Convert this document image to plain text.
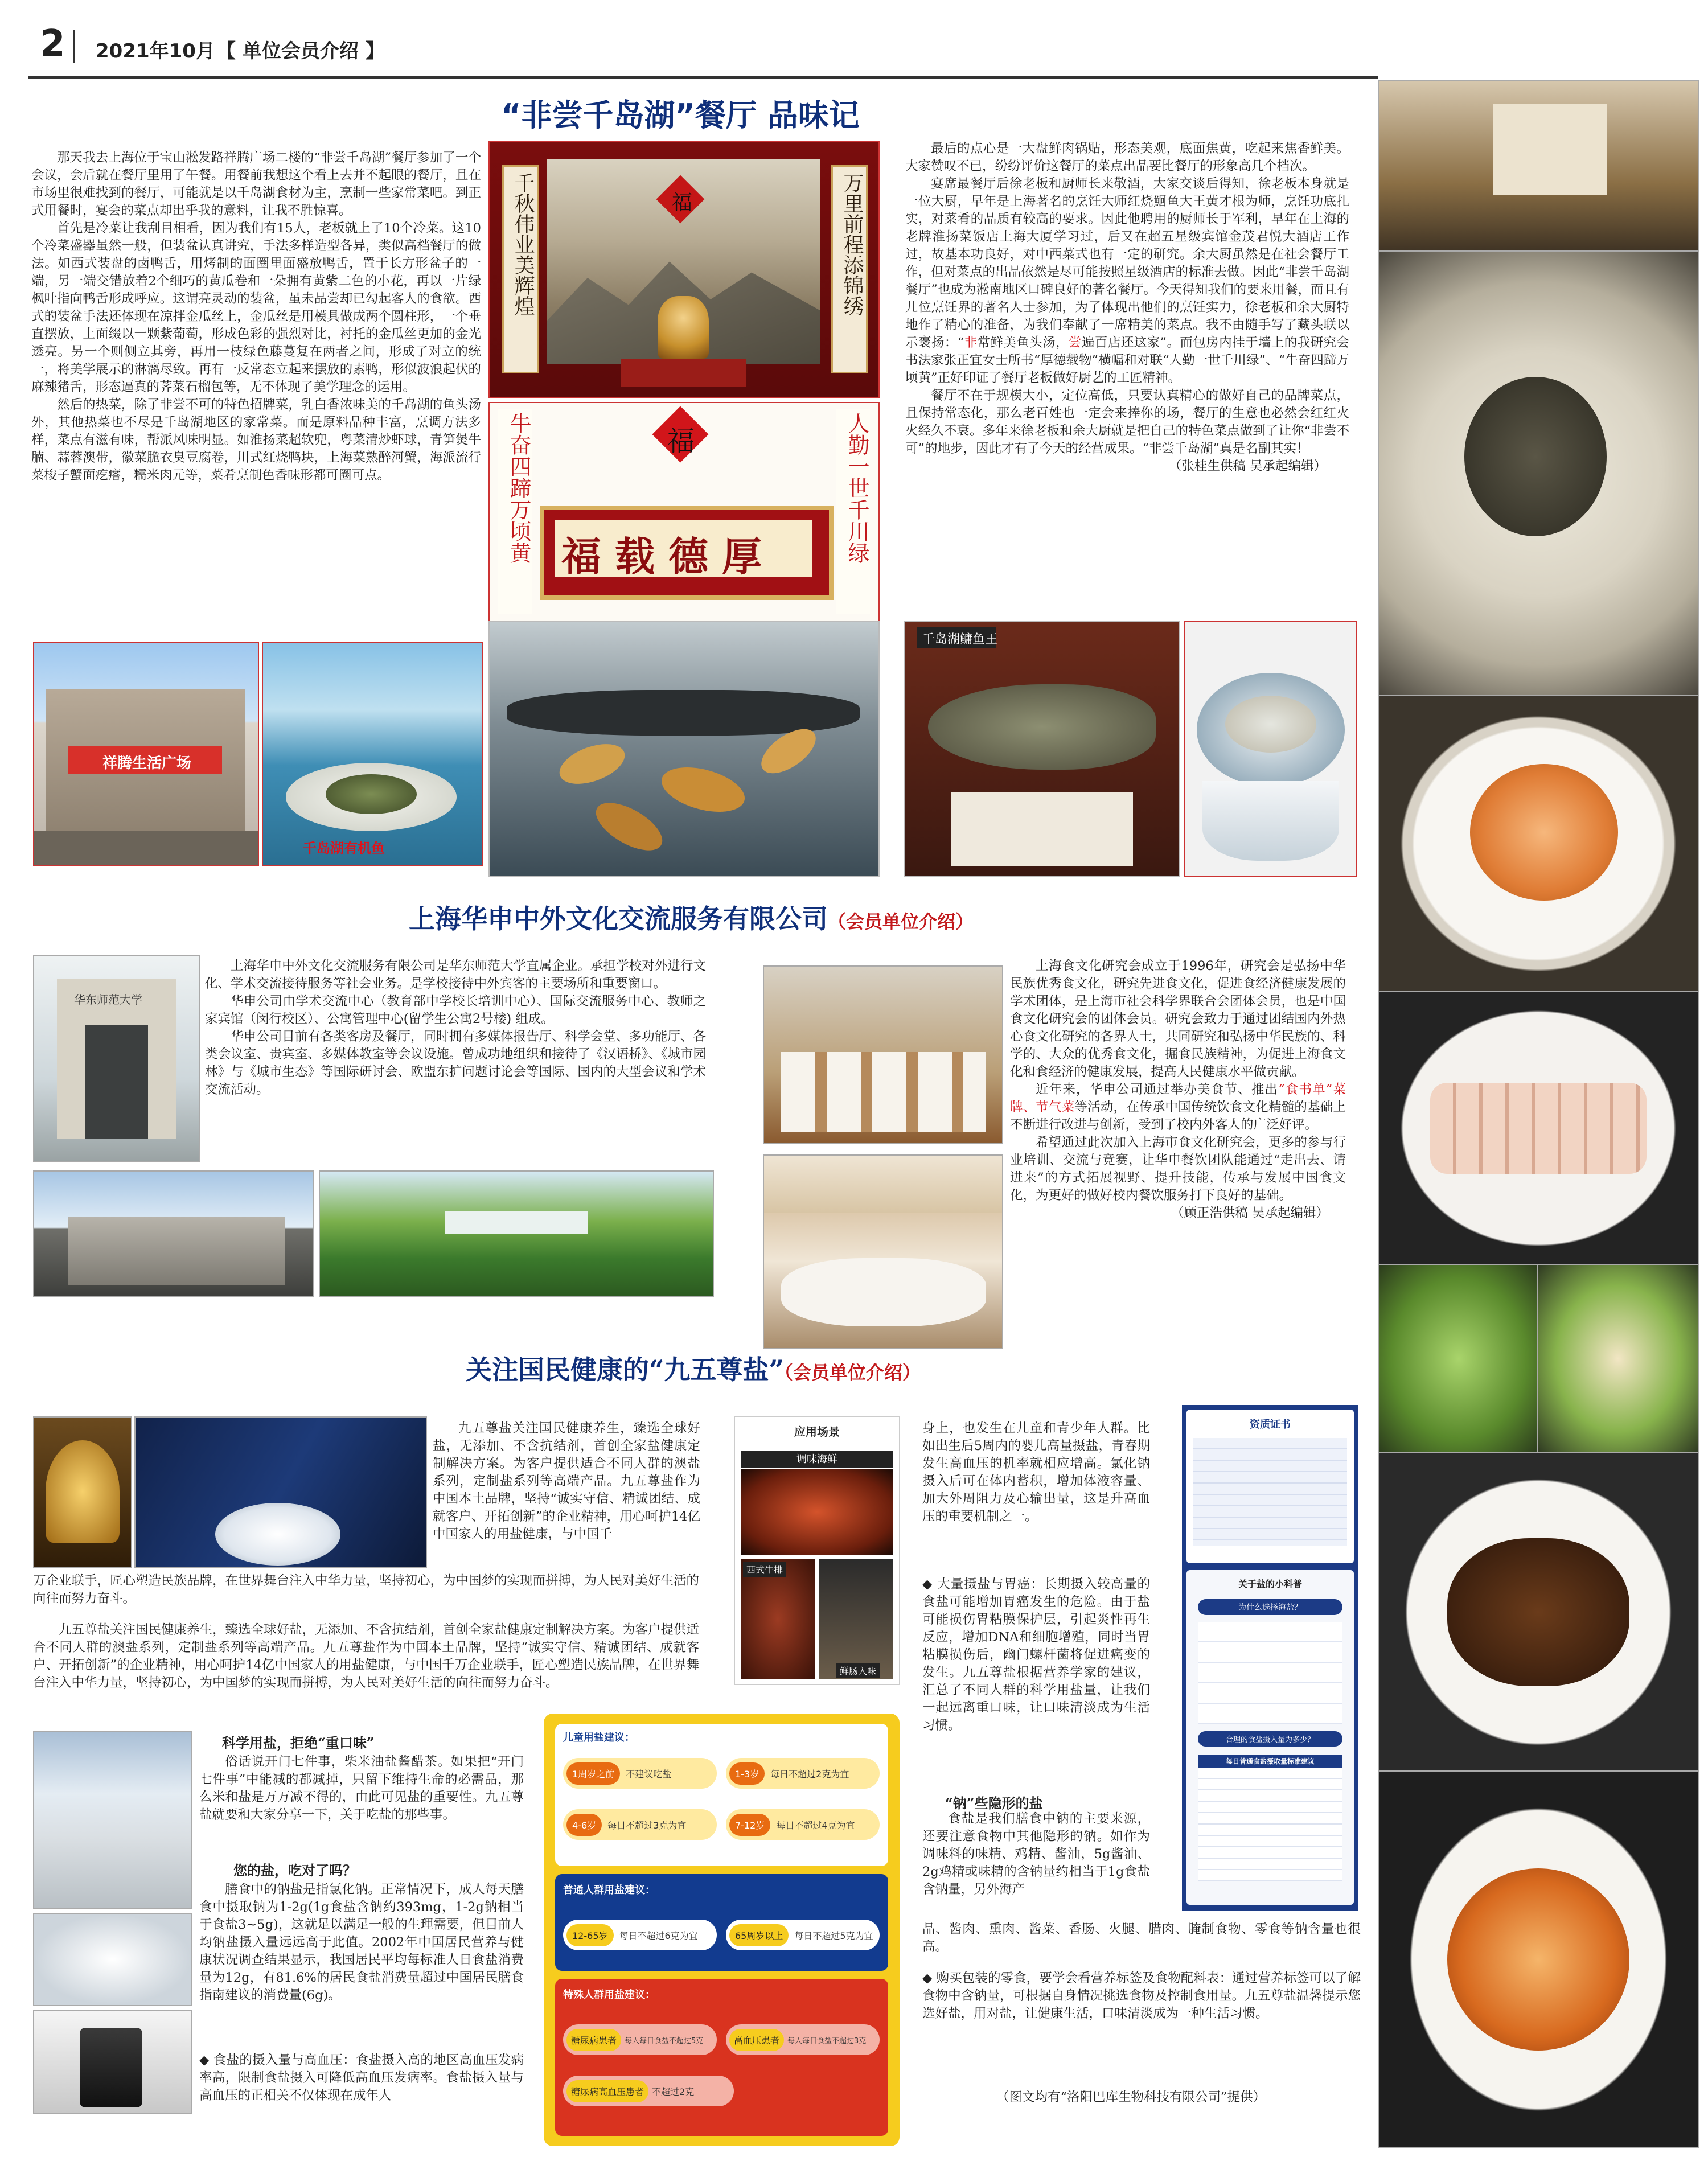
2 2021年10月 【 单位会员介绍 】
“非尝千岛湖”餐厅 品味记

那天我去上海位于宝山淞发路祥腾广场二楼的“非尝千岛湖”餐厅参加了一个会议，会后就在餐厅里用了午餐。用餐前我想这个看上去并不起眼的餐厅，且在市场里很难找到的餐厅，可能就是以千岛湖食材为主，烹制一些家常菜吧。到正式用餐时，宴会的菜点却出乎我的意料，让我不胜惊喜。

首先是冷菜让我刮目相看，因为我们有15人，老板就上了10个冷菜。这10个冷菜盛器虽然一般，但装盆认真讲究，手法多样造型各异，类似高档餐厅的做法。如西式装盘的卤鸭舌，用烤制的面圈里面盛放鸭舌，置于长方形盆子的一端，另一端交错放着2个细巧的黄瓜卷和一朵拥有黄紫二色的小花，再以一片绿枫叶指向鸭舌形成呼应。这谓亮灵动的装盆，虽未品尝却已勾起客人的食欲。西式的装盆手法还体现在凉拌金瓜丝上，金瓜丝是用模具做成两个圆柱形，一个垂直摆放，上面缀以一颗紫葡萄，形成色彩的强烈对比，衬托的金瓜丝更加的金光透亮。另一个则侧立其旁，再用一枝绿色藤蔓复在两者之间，形成了对立的统一，将美学展示的淋漓尽致。再有一反常态立起来摆放的素鸭，形似波浪起伏的麻辣猪舌，形态逼真的荠菜石榴包等，无不体现了美学理念的运用。

然后的热菜，除了非尝不可的特色招牌菜，乳白香浓味美的千岛湖的鱼头汤外，其他热菜也不尽是千岛湖地区的家常菜。而是原料品种丰富，烹调方法多样，菜点有滋有味，帮派风味明显。如淮扬菜超软兜，粤菜清炒虾球，青笋煲牛腩、蒜蓉澳带，徽菜脆衣臭豆腐卷，川式红烧鸭块，上海菜熟醉河蟹，海派流行菜梭子蟹面疙瘩，糯米肉元等，菜肴烹制色香味形都可圈可点。

福
千秋伟业美辉煌	万里前程添锦绣
牛奋四蹄万顷黄	人勤一世千川绿
福
福载德厚

最后的点心是一大盘鲜肉锅贴，形态美观，底面焦黄，吃起来焦香鲜美。大家赞叹不已，纷纷评价这餐厅的菜点出品要比餐厅的形象高几个档次。

宴席最餐厅后徐老板和厨师长来敬酒，大家交谈后得知，徐老板本身就是一位大厨，早年是上海著名的烹饪大师红烧鮰鱼大王黄才根为师，烹饪功底扎实，对菜肴的品质有较高的要求。因此他聘用的厨师长于军利，早年在上海的老牌淮扬菜饭店上海大厦学习过，后又在超五星级宾馆金茂君悦大酒店工作过，故基本功良好，对中西菜式也有一定的研究。余大厨虽然是在社会餐厅工作，但对菜点的出品依然是尽可能按照星级酒店的标准去做。因此“非尝千岛湖餐厅”也成为淞南地区口碑良好的著名餐厅。今天得知我们的要来用餐，而且有儿位烹饪界的著名人士参加，为了体现出他们的烹饪实力，徐老板和余大厨特地作了精心的准备，为我们奉献了一席精美的菜点。我不由随手写了藏头联以示褒扬：“非常鲜美鱼头汤，尝遍百店还这家”。而包房内挂于墙上的我研究会书法家张正宜女士所书“厚德载物”横幅和对联“人勤一世千川绿”、“牛奋四蹄万顷黄”正好印证了餐厅老板做好厨艺的工匠精神。

餐厅不在于规模大小，定位高低，只要认真精心的做好自己的品牌菜点，且保持常态化，那么老百姓也一定会来捧你的场，餐厅的生意也必然会红红火火经久不衰。多年来徐老板和余大厨就是把自己的特色菜点做到了让你“非尝不可”的地步，因此才有了今天的经营成果。“非尝千岛湖”真是名副其实！

（张桂生供稿 吴承起编辑）
祥腾生活广场
千岛湖有机鱼
千岛湖鳙鱼王
上海华申中外文化交流服务有限公司（会员单位介绍）
华东师范大学

上海华申中外文化交流服务有限公司是华东师范大学直属企业。承担学校对外进行文化、学术交流接待服务等社会业务。是学校接待中外宾客的主要场所和重要窗口。

华申公司由学术交流中心（教育部中学校长培训中心）、国际交流服务中心、教师之家宾馆（闵行校区）、公寓管理中心(留学生公寓2号楼) 组成。

华申公司目前有各类客房及餐厅，同时拥有多媒体报告厅、科学会堂、多功能厅、各类会议室、贵宾室、多媒体教室等会议设施。曾成功地组织和接待了《汉语桥》、《城市园林》与《城市生态》等国际研讨会、欧盟东扩问题讨论会等国际、国内的大型会议和学术交流活动。

上海食文化研究会成立于1996年，研究会是弘扬中华民族优秀食文化，研究先进食文化，促进食经济健康发展的学术团体，是上海市社会科学界联合会团体会员，也是中国食文化研究会的团体会员。研究会致力于通过团结国内外热心食文化研究的各界人士，共同研究和弘扬中华民族的、科学的、大众的优秀食文化，掘食民族精神，为促进上海食文化和食经济的健康发展，提高人民健康水平做贡献。

近年来，华申公司通过举办美食节、推出“食书单”菜牌、节气菜等活动，在传承中国传统饮食文化精髓的基础上不断进行改进与创新，受到了校内外客人的广泛好评。

希望通过此次加入上海市食文化研究会，更多的参与行业培训、交流与竞赛，让华申餐饮团队能通过“走出去、请进来”的方式拓展视野、提升技能，传承与发展中国食文化，为更好的做好校内餐饮服务打下良好的基础。

（顾正浩供稿 吴承起编辑）
关注国民健康的“九五尊盐”（会员单位介绍）
九五尊盐关注国民健康养生，臻选全球好盐，无添加、不含抗结剂，首创全家盐健康定制解决方案。为客户提供适合不同人群的澳盐系列，定制盐系列等高端产品。九五尊盐作为中国本土品牌，坚持“诚实守信、精诚团结、成就客户、开拓创新”的企业精神，用心呵护14亿中国家人的用盐健康，与中国千
万企业联手，匠心塑造民族品牌，在世界舞台注入中华力量，坚持初心，为中国梦的实现而拼搏，为人民对美好生活的向往而努力奋斗。
九五尊盐关注国民健康养生，臻选全球好盐，无添加、不含抗结剂，首创全家盐健康定制解决方案。为客户提供适合不同人群的澳盐系列，定制盐系列等高端产品。九五尊盐作为中国本土品牌，坚持“诚实守信、精诚团结、成就客户、开拓创新”的企业精神，用心呵护14亿中国家人的用盐健康，与中国千万企业联手，匠心塑造民族品牌，在世界舞台注入中华力量，坚持初心，为中国梦的实现而拼搏，为人民对美好生活的向往而努力奋斗。
科学用盐，拒绝“重口味”
俗话说开门七件事，柴米油盐酱醋茶。如果把“开门七件事”中能减的都减掉，只留下维持生命的必需品，那么米和盐是万万减不得的，由此可见盐的重要性。九五尊盐就要和大家分享一下，关于吃盐的那些事。
您的盐，吃对了吗？
膳食中的钠盐是指氯化钠。正常情况下，成人每天膳食中摄取钠为1-2g(1g食盐含钠约393mg，1-2g钠相当于食盐3~5g)，这就足以满足一般的生理需要，但目前人均钠盐摄入量远远高于此值。2002年中国居民营养与健康状况调查结果显示，我国居民平均每标准人日食盐消费量为12g，有81.6%的居民食盐消费量超过中国居民膳食指南建议的消费量(6g)。
◆ 食盐的摄入量与高血压：食盐摄入高的地区高血压发病率高，限制食盐摄入可降低高血压发病率。食盐摄入量与高血压的正相关不仅体现在成年人
应用场景
调味海鲜
西式牛排
鲜肠入味
儿童用盐建议：
1周岁之前	不建议吃盐	1-3岁	每日不超过2克为宜
4-6岁	每日不超过3克为宜	7-12岁	每日不超过4克为宜
普通人群用盐建议：
12-65岁	每日不超过6克为宜	65周岁以上	每日不超过5克为宜
特殊人群用盐建议：
糖尿病患者	每人每日食盐不超过5克	高血压患者	每人每日食盐不超过3克
糖尿病高血压患者 不超过2克
身上，也发生在儿童和青少年人群。比如出生后5周内的婴儿高量摄盐，青春期发生高血压的机率就相应增高。氯化钠摄入后可在体内蓄积，增加体液容量、加大外周阻力及心输出量，这是升高血压的重要机制之一。
◆ 大量摄盐与胃癌：长期摄入较高量的食盐可能增加胃癌发生的危险。由于盐可能损伤胃粘膜保护层，引起炎性再生反应，增加DNA和细胞增殖，同时当胃粘膜损伤后，幽门螺杆菌将促进癌变的发生。九五尊盐根据营养学家的建议，汇总了不同人群的科学用盐量，让我们一起远离重口味，让口味清淡成为生活习惯。
“钠”些隐形的盐
食盐是我们膳食中钠的主要来源，还要注意食物中其他隐形的钠。如作为调味料的味精、鸡精、酱油，5g酱油、2g鸡精或味精的含钠量约相当于1g食盐含钠量，另外海产
资质证书
关于盐的小科普
为什么选择海盐？
合理的食盐摄入量为多少？
每日普通食盐摄取量标准建议
品、酱肉、熏肉、酱菜、香肠、火腿、腊肉、腌制食物、零食等钠含量也很高。
◆ 购买包装的零食，要学会看营养标签及食物配料表：通过营养标签可以了解食物中含钠量，可根据自身情况挑选食物及控制食用量。九五尊盐温馨提示您选好盐，用对盐，让健康生活，口味清淡成为一种生活习惯。
（图文均有“洛阳巴库生物科技有限公司”提供）
